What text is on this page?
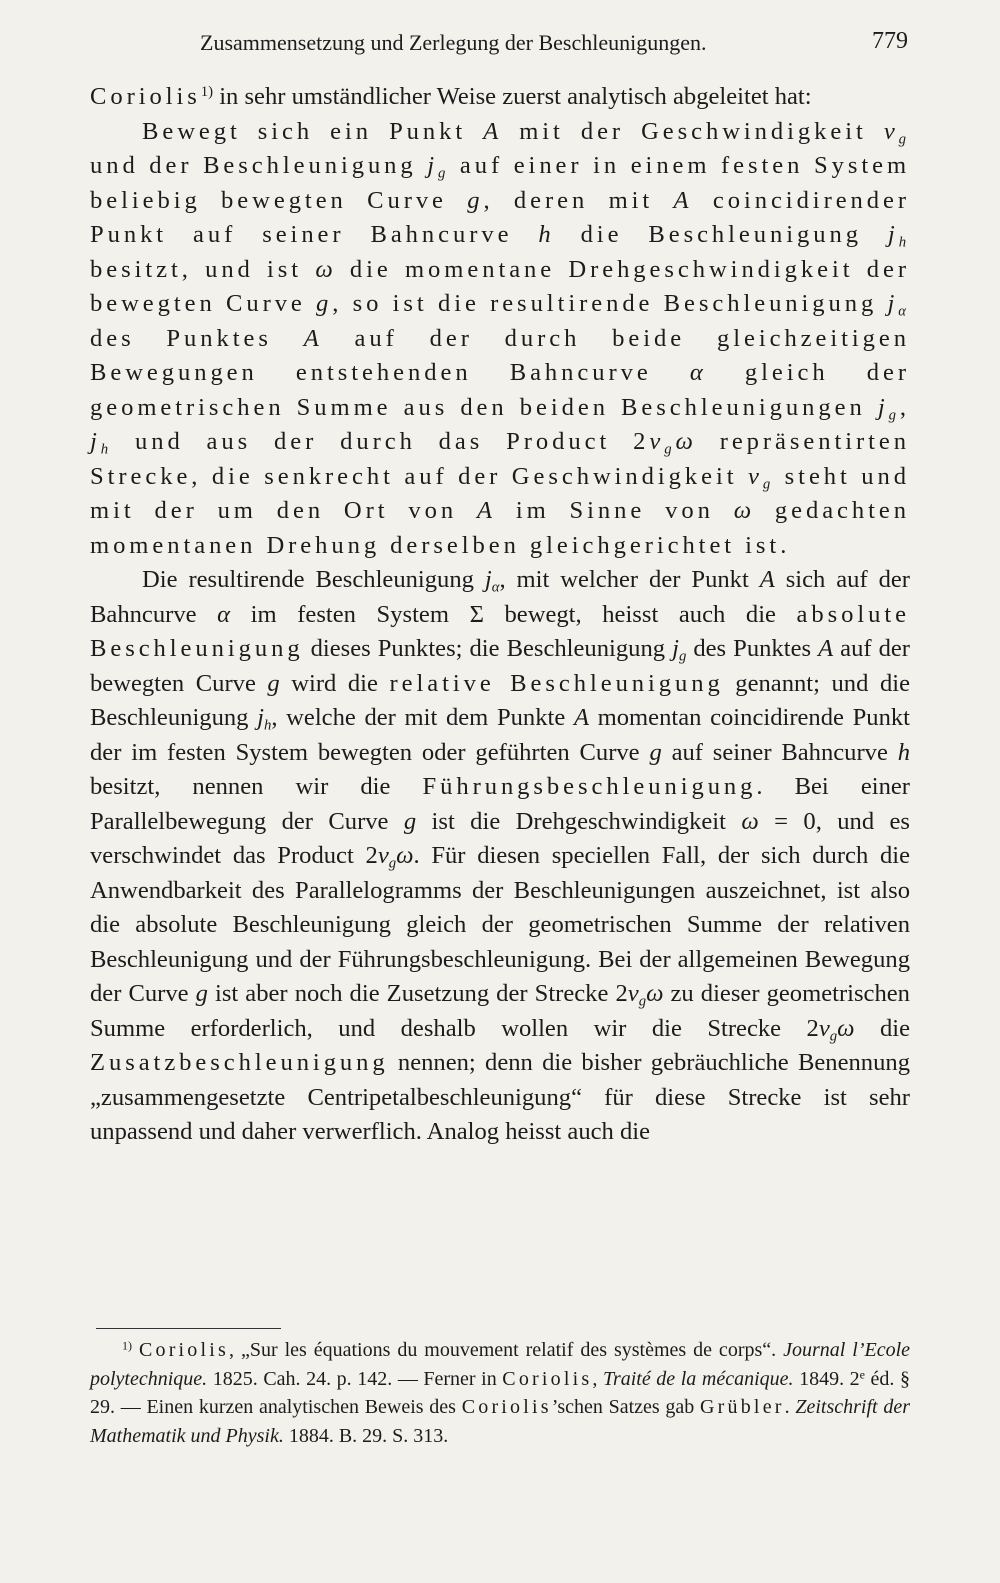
Zusammensetzung und Zerlegung der Beschleunigungen.	779

Coriolis$^{1)}$ in sehr umständlicher Weise zuerst analytisch abgeleitet hat:

Bewegt sich ein Punkt A mit der Geschwindigkeit $v_g$ und der Beschleunigung $j_g$ auf einer in einem festen System beliebig bewegten Curve g, deren mit A coincidirender Punkt auf seiner Bahncurve h die Beschleunigung $j_h$ besitzt, und ist ω die momentane Drehgeschwindigkeit der bewegten Curve g, so ist die resultirende Beschleunigung $j_\alpha$ des Punktes A auf der durch beide gleichzeitigen Bewegungen entstehenden Bahncurve α gleich der geometrischen Summe aus den beiden Beschleunigungen $j_g$, $j_h$ und aus der durch das Product $2v_g\omega$ repräsentirten Strecke, die senkrecht auf der Geschwindigkeit $v_g$ steht und mit der um den Ort von A im Sinne von ω gedachten momentanen Drehung derselben gleichgerichtet ist.

Die resultirende Beschleunigung $j_\alpha$, mit welcher der Punkt A sich auf der Bahncurve α im festen System Σ bewegt, heisst auch die absolute Beschleunigung dieses Punktes; die Beschleunigung $j_g$ des Punktes A auf der bewegten Curve g wird die relative Beschleunigung genannt; und die Beschleunigung $j_h$, welche der mit dem Punkte A momentan coincidirende Punkt der im festen System bewegten oder geführten Curve g auf seiner Bahncurve h besitzt, nennen wir die Führungsbeschleunigung. Bei einer Parallelbewegung der Curve g ist die Drehgeschwindigkeit ω = 0, und es verschwindet das Product $2v_g\omega$. Für diesen speciellen Fall, der sich durch die Anwendbarkeit des Parallelogramms der Beschleunigungen auszeichnet, ist also die absolute Beschleunigung gleich der geometrischen Summe der relativen Beschleunigung und der Führungsbeschleunigung. Bei der allgemeinen Bewegung der Curve g ist aber noch die Zusetzung der Strecke $2v_g\omega$ zu dieser geometrischen Summe erforderlich, und deshalb wollen wir die Strecke $2v_g\omega$ die Zusatzbeschleunigung nennen; denn die bisher gebräuchliche Benennung „zusammengesetzte Centripetalbeschleunigung“ für diese Strecke ist sehr unpassend und daher verwerflich. Analog heisst auch die

$^{1)}$ Coriolis, „Sur les équations du mouvement relatif des systèmes de corps“. Journal l’Ecole polytechnique. 1825. Cah. 24. p. 142. — Ferner in Coriolis, Traité de la mécanique. 1849. 2e éd. § 29. — Einen kurzen analytischen Beweis des Coriolis’schen Satzes gab Grübler. Zeitschrift der Mathematik und Physik. 1884. B. 29. S. 313.
